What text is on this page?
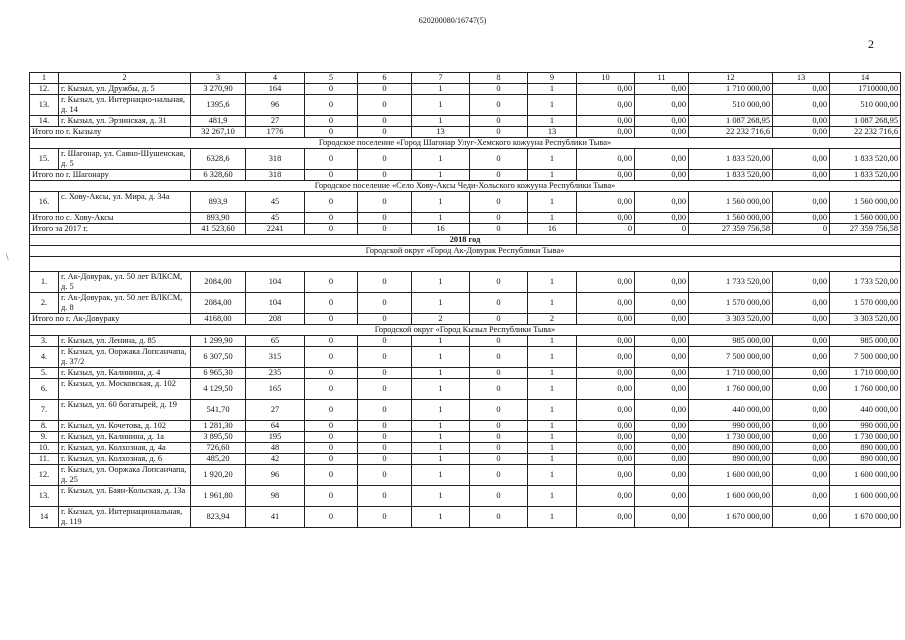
620200080/16747(5)
2
\
1	2	3	4	5	6	7	8	9	10	11	12	13	14
12.	г. Кызыл, ул. Дружбы, д. 5	3 270,90	164	0	0	1	0	1	0,00	0,00	1 710 000,00	0,00	1710000,00
13.	г. Кызыл, ул. Интернацио-нальная, д. 14	1395,6	96	0	0	1	0	1	0,00	0,00	510 000,00	0,00	510 000,00
14.	г. Кызыл, ул. Эрзинская, д. 31	481,9	27	0	0	1	0	1	0,00	0,00	1 087 268,95	0,00	1 087 268,95
Итого по г. Кызылу		32 267,10	1776	0	0	13	0	13	0,00	0,00	22 232 716,6	0,00	22 232 716,6
Городское поселение «Город Шагонар Улуг-Хемского кожууна Республики Тыва»													
15.	г. Шагонар, ул. Саяно-Шушенская, д. 5	6328,6	318	0	0	1	0	1	0,00	0,00	1 833 520,00	0,00	1 833 520,00
Итого по г. Шагонару		6 328,60	318	0	0	1	0	1	0,00	0,00	1 833 520,00	0,00	1 833 520,00
Городское поселение «Село Хову-Аксы Чеди-Хольского кожууна Республики Тыва»													
16.	с. Хову-Аксы, ул. Мира, д. 34а	893,9	45	0	0	1	0	1	0,00	0,00	1 560 000,00	0,00	1 560 000,00
Итого по с. Хову-Аксы		893,90	45	0	0	1	0	1	0,00	0,00	1 560 000,00	0,00	1 560 000,00
Итого за 2017 г.		41 523,60	2241	0	0	16	0	16	0	0	27 359 756,58	0	27 359 756,58
2018 год													
Городской округ «Город Ак-Довурак Республики Тыва»													

1.	г. Ак-Довурак, ул. 50 лет ВЛКСМ, д. 5	2084,00	104	0	0	1	0	1	0,00	0,00	1 733 520,00	0,00	1 733 520,00
2.	г. Ак-Довурак, ул. 50 лет ВЛКСМ, д. 8	2084,00	104	0	0	1	0	1	0,00	0,00	1 570 000,00	0,00	1 570 000,00
Итого по г. Ак-Довураку		4168,00	208	0	0	2	0	2	0,00	0,00	3 303 520,00	0,00	3 303 520,00
Городской округ «Город Кызыл Республики Тыва»													
3.	г. Кызыл, ул. Ленина, д. 85	1 299,90	65	0	0	1	0	1	0,00	0,00	985 000,00	0,00	985 000,00
4.	г. Кызыл, ул. Ооржака Лопсанчапа, д. 37/2	6 307,50	315	0	0	1	0	1	0,00	0,00	7 500 000,00	0,00	7 500 000,00
5.	г. Кызыл, ул. Калинина, д. 4	6 965,30	235	0	0	1	0	1	0,00	0,00	1 710 000,00	0,00	1 710 000,00
6.	г. Кызыл, ул. Московская, д. 102	4 129,50	165	0	0	1	0	1	0,00	0,00	1 760 000,00	0,00	1 760 000,00
7.	г. Кызыл, ул. 60 богатырей, д. 19	541,70	27	0	0	1	0	1	0,00	0,00	440 000,00	0,00	440 000,00
8.	г. Кызыл, ул. Кочетова, д. 102	1 281,30	64	0	0	1	0	1	0,00	0,00	990 000,00	0,00	990 000,00
9.	г. Кызыл, ул. Калинина, д. 1а	3 895,50	195	0	0	1	0	1	0,00	0,00	1 730 000,00	0,00	1 730 000,00
10.	г. Кызыл, ул. Колхозная, д. 4а	726,60	48	0	0	1	0	1	0,00	0,00	890 000,00	0,00	890 000,00
11.	г. Кызыл, ул. Колхозная, д. 6	485,20	42	0	0	1	0	1	0,00	0,00	890 000,00	0,00	890 000,00
12.	г. Кызыл, ул. Ооржака Лопсанчапа, д. 25	1 920,20	96	0	0	1	0	1	0,00	0,00	1 600 000,00	0,00	1 600 000,00
13.	г. Кызыл, ул. Баян-Кольская, д. 13а	1 961,80	98	0	0	1	0	1	0,00	0,00	1 600 000,00	0,00	1 600 000,00
14	г. Кызыл, ул. Интернациональная, д. 119	823,94	41	0	0	1	0	1	0,00	0,00	1 670 000,00	0,00	1 670 000,00
